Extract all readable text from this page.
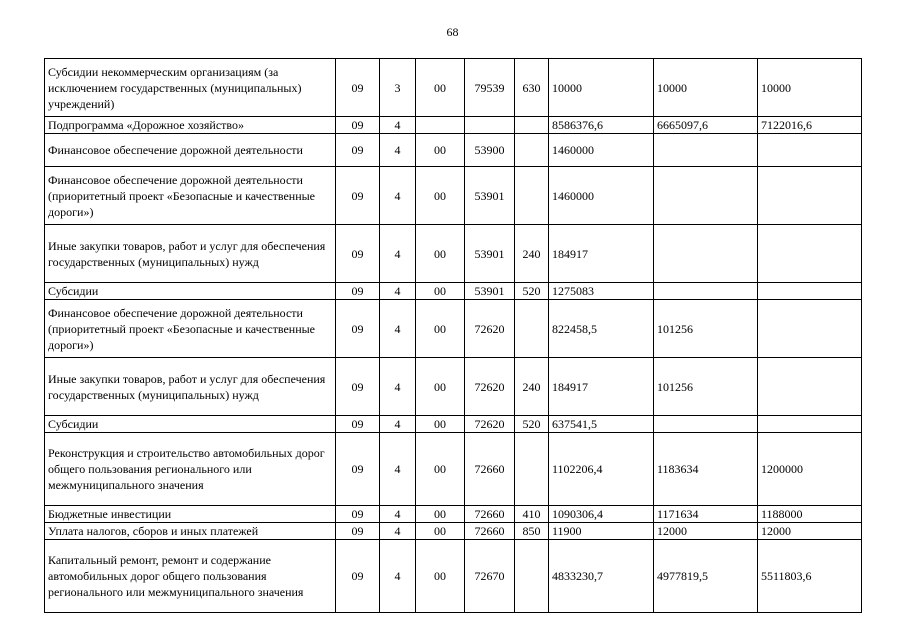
68
Субсидии некоммерческим организациям (за исключением государственных (муниципальных) учреждений)	09	3	00	79539	630	10000	10000	10000
Подпрограмма «Дорожное хозяйство»	09	4				8586376,6	6665097,6	7122016,6
Финансовое обеспечение дорожной деятельности	09	4	00	53900		1460000		
Финансовое обеспечение дорожной деятельности (приоритетный проект «Безопасные и качественные дороги»)	09	4	00	53901		1460000		
Иные закупки товаров, работ и услуг для обеспечения государственных (муниципальных) нужд	09	4	00	53901	240	184917		
Субсидии	09	4	00	53901	520	1275083		
Финансовое обеспечение дорожной деятельности (приоритетный проект «Безопасные и качественные дороги»)	09	4	00	72620		822458,5	101256	
Иные закупки товаров, работ и услуг для обеспечения государственных (муниципальных) нужд	09	4	00	72620	240	184917	101256	
Субсидии	09	4	00	72620	520	637541,5		
Реконструкция и строительство автомобильных дорог общего пользования регионального или межмуниципального значения	09	4	00	72660		1102206,4	1183634	1200000
Бюджетные инвестиции	09	4	00	72660	410	1090306,4	1171634	1188000
Уплата налогов, сборов и иных платежей	09	4	00	72660	850	11900	12000	12000
Капитальный ремонт, ремонт и содержание автомобильных дорог общего пользования регионального или межмуниципального значения	09	4	00	72670		4833230,7	4977819,5	5511803,6
